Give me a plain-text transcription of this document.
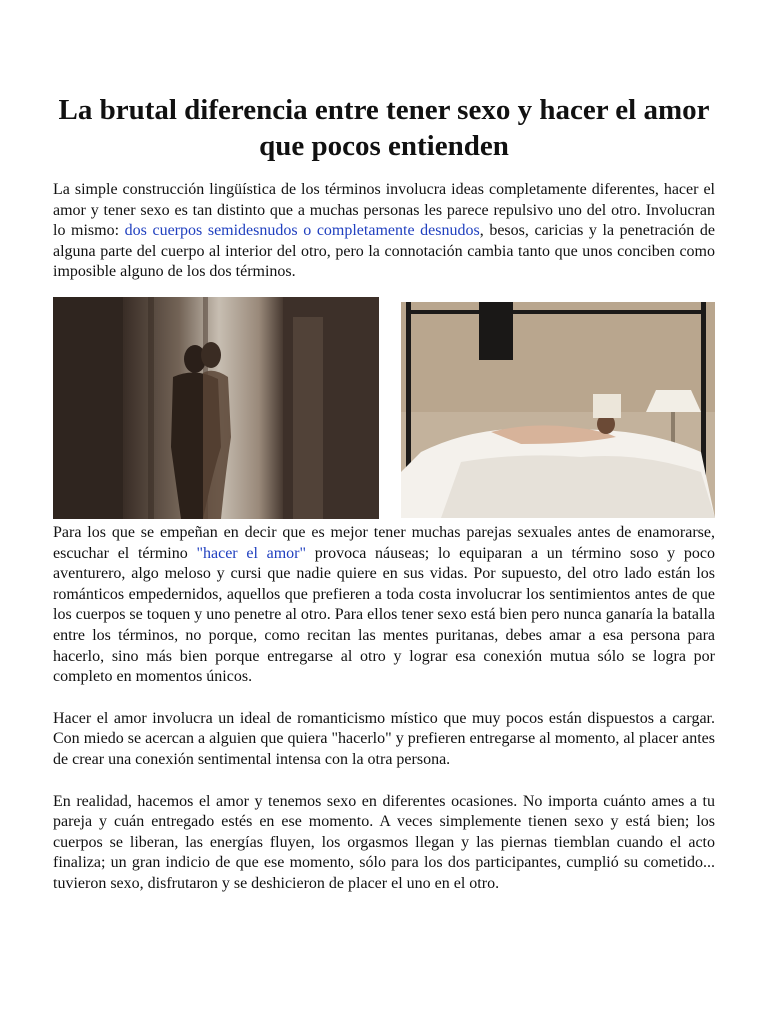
La brutal diferencia entre tener sexo y hacer el amor que pocos entienden

La simple construcción lingüística de los términos involucra ideas completamente diferentes, hacer el amor y tener sexo es tan distinto que a muchas personas les parece repulsivo uno del otro. Involucran lo mismo: dos cuerpos semidesnudos o completamente desnudos, besos, caricias y la penetración de alguna parte del cuerpo al interior del otro, pero la connotación cambia tanto que unos conciben como imposible alguno de los dos términos.

Para los que se empeñan en decir que es mejor tener muchas parejas sexuales antes de enamorarse, escuchar el término "hacer el amor" provoca náuseas; lo equiparan a un término soso y poco aventurero, algo meloso y cursi que nadie quiere en sus vidas. Por supuesto, del otro lado están los románticos empedernidos, aquellos que prefieren a toda costa involucrar los sentimientos antes de que los cuerpos se toquen y uno penetre al otro. Para ellos tener sexo está bien pero nunca ganaría la batalla entre los términos, no porque, como recitan las mentes puritanas, debes amar a esa persona para hacerlo, sino más bien porque entregarse al otro y lograr esa conexión mutua sólo se logra por completo en momentos únicos.

Hacer el amor involucra un ideal de romanticismo místico que muy pocos están dispuestos a cargar. Con miedo se acercan a alguien que quiera "hacerlo" y prefieren entregarse al momento, al placer antes de crear una conexión sentimental intensa con la otra persona.

En realidad, hacemos el amor y tenemos sexo en diferentes ocasiones. No importa cuánto ames a tu pareja y cuán entregado estés en ese momento. A veces simplemente tienen sexo y está bien; los cuerpos se liberan, las energías fluyen, los orgasmos llegan y las piernas tiemblan cuando el acto finaliza; un gran indicio de que ese momento, sólo para los dos participantes, cumplió su cometido... tuvieron sexo, disfrutaron y se deshicieron de placer el uno en el otro.
